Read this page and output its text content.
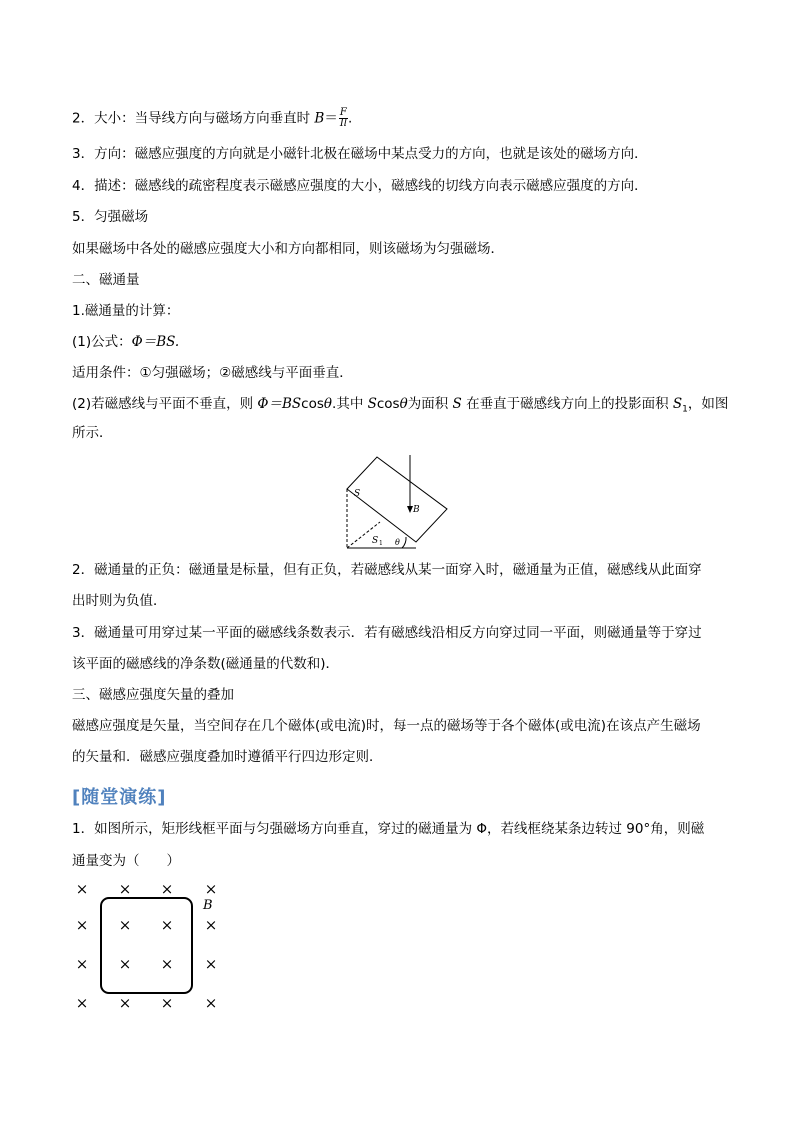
2．大小：当导线方向与磁场方向垂直时 $B= \frac{F}{Il}$ .
3．方向：磁感应强度的方向就是小磁针北极在磁场中某点受力的方向，也就是该处的磁场方向．
4．描述：磁感线的疏密程度表示磁感应强度的大小，磁感线的切线方向表示磁感应强度的方向．
5．匀强磁场
如果磁场中各处的磁感应强度大小和方向都相同，则该磁场为匀强磁场．
二、磁通量
1.磁通量的计算：
(1)公式：Φ＝BS.
适用条件：①匀强磁场；②磁感线与平面垂直．
(2)若磁感线与平面不垂直，则 Φ＝BScosθ.其中 Scosθ为面积 S 在垂直于磁感线方向上的投影面积 $S_1$，如图
所示．
S
B
S 1 θ
2．磁通量的正负：磁通量是标量，但有正负，若磁感线从某一面穿入时，磁通量为正值，磁感线从此面穿
出时则为负值．
3．磁通量可用穿过某一平面的磁感线条数表示．若有磁感线沿相反方向穿过同一平面，则磁通量等于穿过
该平面的磁感线的净条数(磁通量的代数和)．
三、磁感应强度矢量的叠加
磁感应强度是矢量，当空间存在几个磁体(或电流)时，每一点的磁场等于各个磁体(或电流)在该点产生磁场
的矢量和．磁感应强度叠加时遵循平行四边形定则．
[随堂演练]
1．如图所示，矩形线框平面与匀强磁场方向垂直，穿过的磁通量为 Φ，若线框绕某条边转过 90°角，则磁
通量变为（　　）
× × × ×
× × × ×
× × × ×
× × × ×
B
